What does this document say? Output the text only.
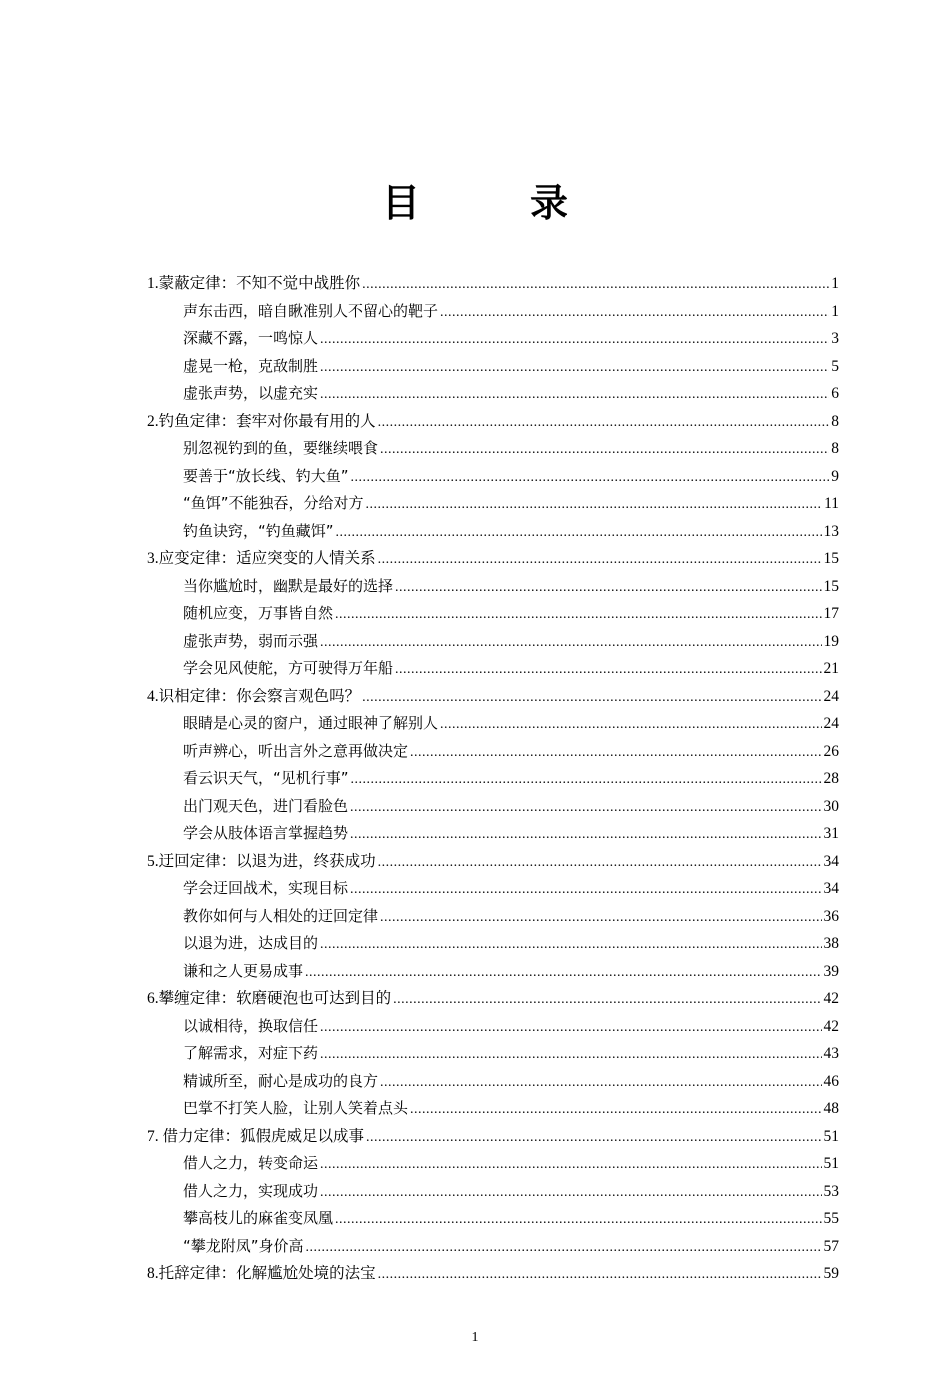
目　录
1.蒙蔽定律：不知不觉中战胜你 .....	1
声东击西，暗自瞅准别人不留心的靶子 .....	1
深藏不露，一鸣惊人 .....	3
虚晃一枪，克敌制胜 .....	5
虚张声势，以虚充实 .....	6
2.钓鱼定律：套牢对你最有用的人 .....	8
别忽视钓到的鱼，要继续喂食 .....	8
要善于“放长线、钓大鱼” .....	9
“鱼饵”不能独吞，分给对方 .....	11
钓鱼诀窍，“钓鱼藏饵” .....	13
3.应变定律：适应突变的人情关系 .....	15
当你尴尬时，幽默是最好的选择 .....	15
随机应变，万事皆自然 .....	17
虚张声势，弱而示强 .....	19
学会见风使舵，方可驶得万年船 .....	21
4.识相定律：你会察言观色吗？ .....	24
眼睛是心灵的窗户，通过眼神了解别人 .....	24
听声辨心，听出言外之意再做决定 .....	26
看云识天气，“见机行事” .....	28
出门观天色，进门看脸色 .....	30
学会从肢体语言掌握趋势 .....	31
5.迂回定律：以退为进，终获成功 .....	34
学会迂回战术，实现目标 .....	34
教你如何与人相处的迂回定律 .....	36
以退为进，达成目的 .....	38
谦和之人更易成事 .....	39
6.攀缠定律：软磨硬泡也可达到目的 .....	42
以诚相待，换取信任 .....	42
了解需求，对症下药 .....	43
精诚所至，耐心是成功的良方 .....	46
巴掌不打笑人脸，让别人笑着点头 .....	48
7. 借力定律：狐假虎威足以成事 .....	51
借人之力，转变命运 .....	51
借人之力，实现成功 .....	53
攀高枝儿的麻雀变凤凰 .....	55
“攀龙附凤”身价高 .....	57
8.托辞定律：化解尴尬处境的法宝 .....	59
1
